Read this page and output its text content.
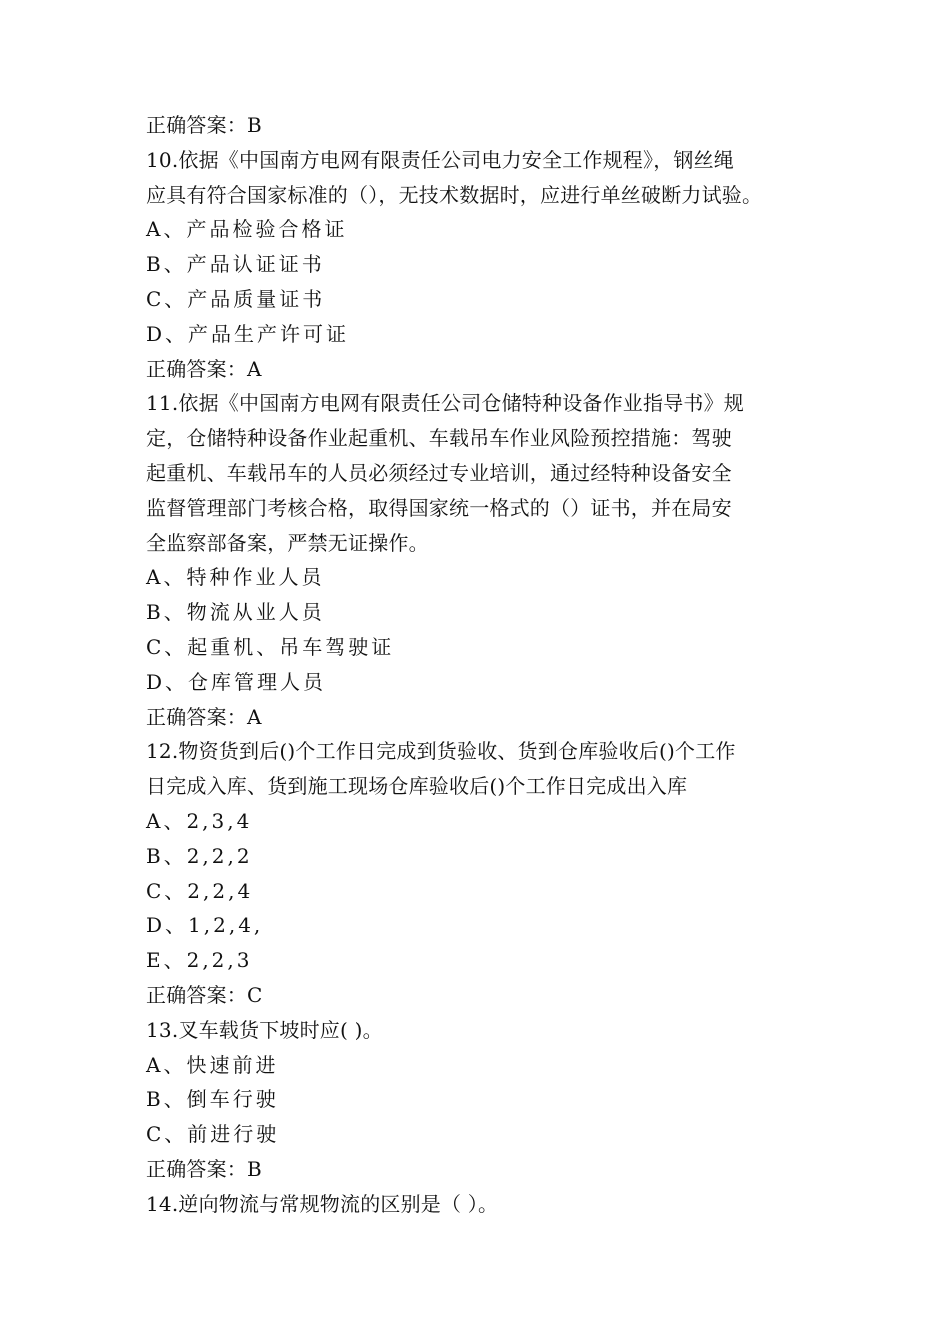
正确答案：B
10.依据《中国南方电网有限责任公司电力安全工作规程》，钢丝绳
应具有符合国家标准的（），无技术数据时，应进行单丝破断力试验。
A、产品检验合格证
B、产品认证证书
C、产品质量证书
D、产品生产许可证
正确答案：A
11.依据《中国南方电网有限责任公司仓储特种设备作业指导书》规
定，仓储特种设备作业起重机、车载吊车作业风险预控措施：驾驶
起重机、车载吊车的人员必须经过专业培训，通过经特种设备安全
监督管理部门考核合格，取得国家统一格式的（）证书，并在局安
全监察部备案，严禁无证操作。
A、特种作业人员
B、物流从业人员
C、起重机、吊车驾驶证
D、仓库管理人员
正确答案：A
12.物资货到后()个工作日完成到货验收、货到仓库验收后()个工作
日完成入库、货到施工现场仓库验收后()个工作日完成出入库
A、2,3,4
B、2,2,2
C、2,2,4
D、1,2,4,
E、2,2,3
正确答案：C
13.叉车载货下坡时应( )。
A、快速前进
B、倒车行驶
C、前进行驶
正确答案：B
14.逆向物流与常规物流的区别是（ ）。
